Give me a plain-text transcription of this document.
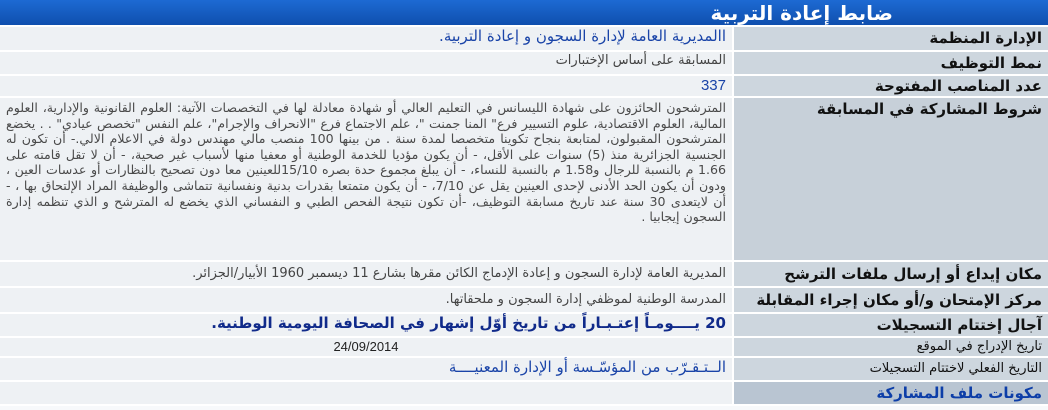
ضابط إعادة التربية
الإدارة المنظمة	االمديرية العامة لإدارة السجون و إعادة التربية.
نمط التوظيف	المسابقة على أساس الإختبارات
عدد المناصب المفتوحة	337
شروط المشاركة في المسابقة	المترشحون الحائزون على شهادة الليسانس في التعليم العالي أو شهادة معادلة لها في التخصصات الآتية: العلوم القانونية والإدارية، العلوم المالية، العلوم الاقتصادية، علوم التسيير فرع" المنا جمنت "، علم الاجتماع فرع "الانحراف والإجرام"، علم النفس "تخصص عيادي" . . يخضع المترشحون المقبولون، لمتابعة بنجاح تكوينا متخصصا لمدة سنة . من بينها 100 منصب مالي مهندس دولة في الاعلام الالي.- أن تكون له الجنسية الجزائرية منذ (5) سنوات على الأقل، - أن يكون مؤديا للخدمة الوطنية أو معفيا منها لأسباب غير صحية، - أن لا تقل قامته على 1.66 م بالنسبة للرجال و1.58 م بالنسبة للنساء، - أن يبلغ مجموع حدة بصره 15/10للعينين معا دون تصحيح بالنظارات أو عدسات العين ، ودون أن يكون الحد الأدنى لإحدى العينين يقل عن 7/10، - أن يكون متمتعا بقدرات بدنية ونفسانية تتماشى والوظيفة المراد الإلتحاق بها ، - أن لايتعدى 30 سنة عند تاريخ مسابقة التوظيف، -أن تكون نتيجة الفحص الطبي و النفساني الذي يخضع له المترشح و الذي تنظمه إدارة السجون إيجابيا .
مكان إيداع أو إرسال ملفات الترشح	المديرية العامة لإدارة السجون و إعادة الإدماج الكائن مقرها بشارع 11 ديسمبر 1960 الأبيار/الجزائر.
مركز الإمتحان و/أو مكان إجراء المقابلة	المدرسة الوطنية لموظفي إدارة السجون و ملحقاتها.
آجال إختتام التسجيلات	20 يــــومـاً إعتـبـاراً من تاريخ أوّل إشهار في الصحافة اليومية الوطنية.
تاريخ الإدراج في الموقع	24/09/2014
التاريخ الفعلي لاختتام التسجيلات	الــتـقـرّب من المؤسّـسة أو الإدارة المعنيــــة
مكونات ملف المشاركة	
